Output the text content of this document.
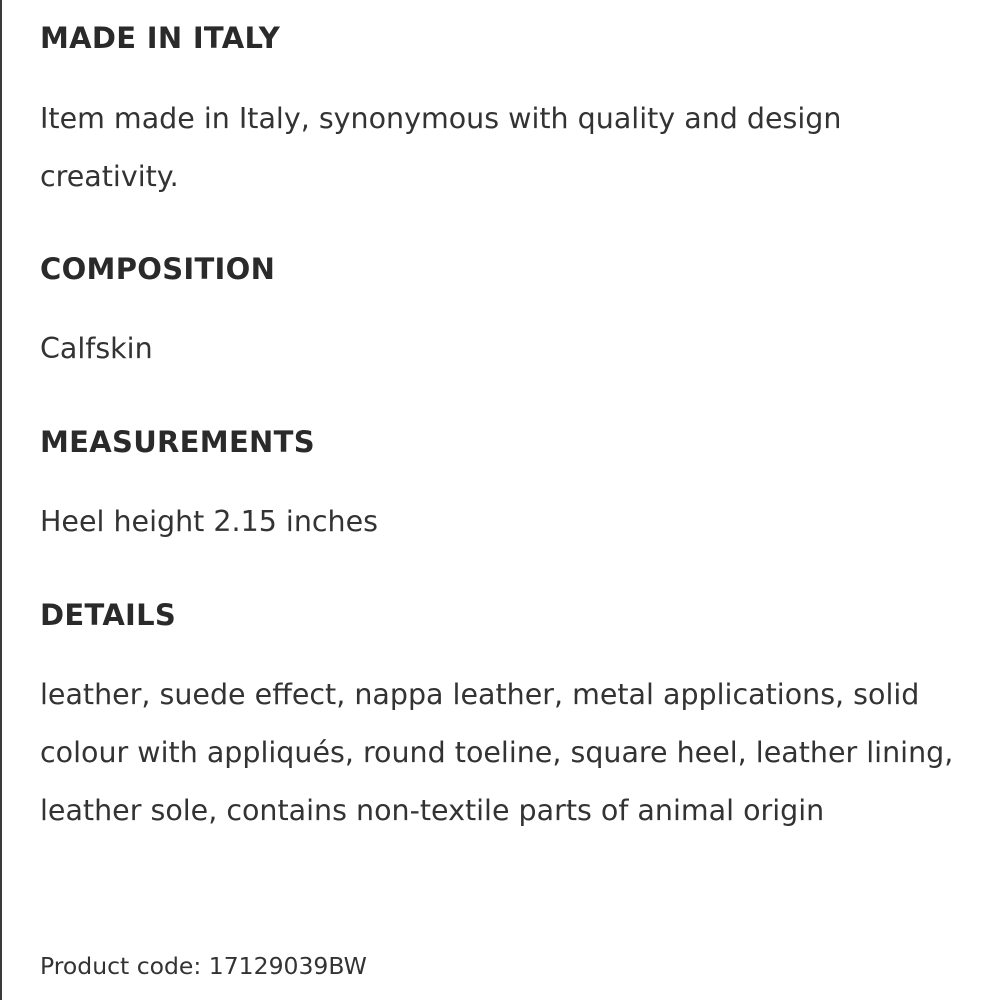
MADE IN ITALY

Item made in Italy, synonymous with quality and design creativity.

COMPOSITION

Calfskin

MEASUREMENTS

Heel height 2.15 inches

DETAILS

leather, suede effect, nappa leather, metal applications, solid colour with appliqués, round toeline, square heel, leather lining, leather sole, contains non-textile parts of animal origin

Product code: 17129039BW
